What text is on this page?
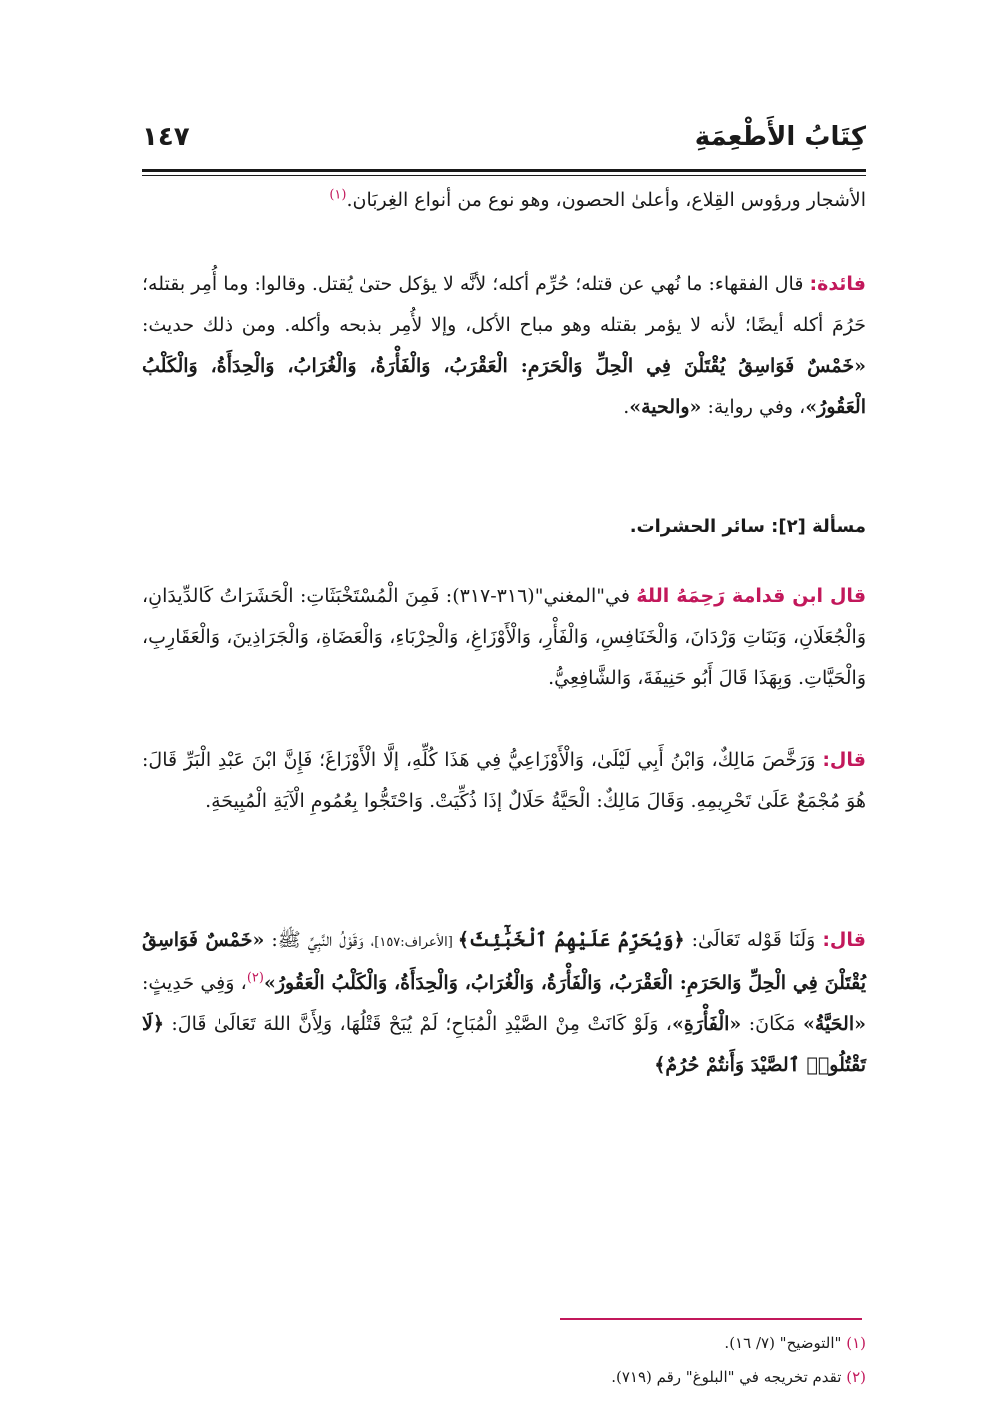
كِتَابُ الأَطْعِمَةِ
١٤٧

الأشجار ورؤوس القِلاع، وأعلىٰ الحصون، وهو نوع من أنواع الغِربَان.$^{(١)}$

فائدة: قال الفقهاء: ما نُهي عن قتله؛ حُرِّم أكله؛ لأنَّه لا يؤكل حتىٰ يُقتل. وقالوا: وما أُمِر بقتله؛ حَرُمَ أكله أيضًا؛ لأنه لا يؤمر بقتله وهو مباح الأكل، وإلا لأُمِر بذبحه وأكله. ومن ذلك حديث: «خَمْسٌ فَوَاسِقُ يُقْتَلْنَ فِي الْحِلِّ وَالْحَرَمِ: الْعَقْرَبُ، وَالْفَأْرَةُ، وَالْغُرَابُ، وَالْحِدَأَةُ، وَالْكَلْبُ الْعَقُورُ»، وفي رواية: «والحية».

مسألة [٢]: سائر الحشرات.

قال ابن قدامة رَحِمَهُ اللهُ في"المغني"(٣١٦-٣١٧): فَمِنَ الْمُسْتَخْبَثَاتِ: الْحَشَرَاتُ كَالدِّيدَانِ، وَالْجُعَلَانِ، وَبَنَاتِ وَرْدَانَ، وَالْخَنَافِسِ، وَالْفَأْرِ، وَالْأَوْزَاغِ، وَالْحِرْبَاءِ، وَالْعَضَاةِ، وَالْجَرَاذِينَ، وَالْعَقَارِبِ، وَالْحَيَّاتِ. وَبِهَذَا قَالَ أَبُو حَنِيفَةَ، وَالشَّافِعِيُّ.

قال: وَرَخَّصَ مَالِكٌ، وَابْنُ أَبِي لَيْلَىٰ، وَالْأَوْزَاعِيُّ فِي هَذَا كُلِّهِ، إلَّا الْأَوْزَاغَ؛ فَإِنَّ ابْنَ عَبْدِ الْبَرِّ قَالَ: هُوَ مُجْمَعٌ عَلَىٰ تَحْرِيمِهِ. وَقَالَ مَالِكٌ: الْحَيَّةُ حَلَالٌ إذَا ذُكِّيَتْ. وَاحْتَجُّوا بِعُمُومِ الْآيَةِ الْمُبِيحَةِ.

قال: وَلَنَا قَوْله تَعَالَىٰ: ﴿وَيُحَرِّمُ عَلَيْهِمُ ٱلْخَبَٰٓئِثَ﴾ [الأعراف:١٥٧]، وَقَوْلُ النَّبِيِّ ﷺ: «خَمْسٌ فَوَاسِقُ يُقْتَلْنَ فِي الْحِلِّ وَالحَرَمِ: الْعَقْرَبُ، وَالْفَأْرَةُ، وَالْغُرَابُ، وَالْحِدَأَةُ، وَالْكَلْبُ الْعَقُورُ»$^{(٢)}$، وَفِي حَدِيثٍ: «الحَيَّةُ» مَكَانَ: «الْفَأْرَةِ»، وَلَوْ كَانَتْ مِنْ الصَّيْدِ الْمُبَاحِ؛ لَمْ يُبَحْ قَتْلُهَا، وَلِأَنَّ اللهَ تَعَالَىٰ قَالَ: ﴿لَا تَقْتُلُوا۟ ٱلصَّيْدَ وَأَنتُمْ حُرُمٌ﴾

(١) "التوضيح" (٧/ ١٦).
(٢) تقدم تخريجه في "البلوغ" رقم (٧١٩).
